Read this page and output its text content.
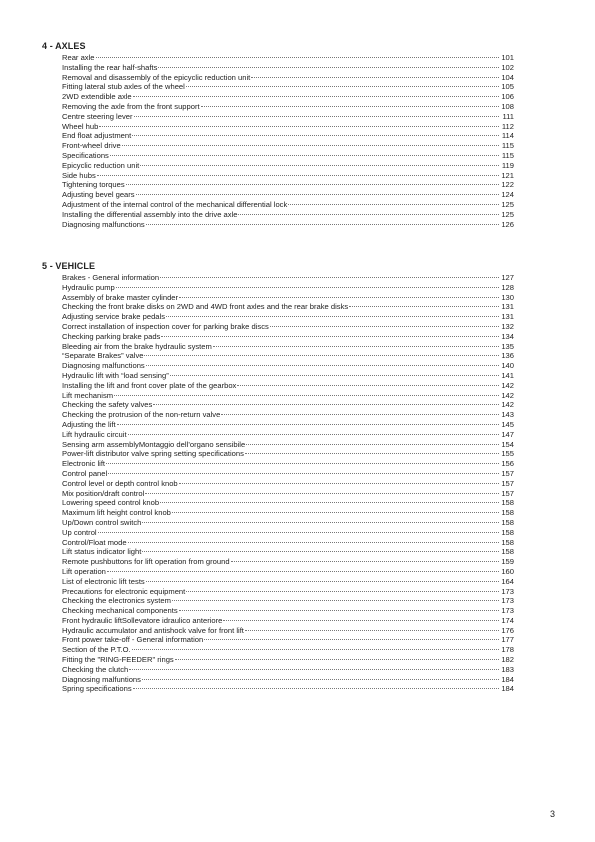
4 - AXLES
Rear axle	101
Installing the rear half-shafts	102
Removal and disassembly of the epicyclic reduction unit	104
Fitting lateral stub axles of the wheel	105
2WD extendible axle	106
Removing the axle from the front support	108
Centre steering lever	111
Wheel hub	112
End float adjustment	114
Front-wheel drive	115
Specifications	115
Epicyclic reduction unit	119
Side hubs	121
Tightening torques	122
Adjusting bevel gears	124
Adjustment of the internal control of the mechanical differential lock	125
Installing the differential assembly into the drive axle	125
Diagnosing malfunctions	126
5 - VEHICLE
Brakes - General information	127
Hydraulic pump	128
Assembly of brake master cylinder	130
Checking the front brake disks on 2WD and 4WD front axles and the rear brake disks	131
Adjusting service brake pedals	131
Correct installation of inspection cover for parking brake discs	132
Checking parking brake pads	134
Bleeding air from the brake hydraulic system	135
“Separate Brakes” valve	136
Diagnosing malfunctions	140
Hydraulic lift with “load sensing”	141
Installing the lift and front cover plate of the gearbox	142
Lift mechanism	142
Checking the safety valves	142
Checking the protrusion of the non-return valve	143
Adjusting the lift	145
Lift hydraulic circuit	147
Sensing arm assemblyMontaggio dell’organo sensibile	154
Power-lift distributor valve spring setting specifications	155
Electronic lift	156
Control panel	157
Control level or depth control knob	157
Mix position/draft control	157
Lowering speed control knob	158
Maximum lift height control knob	158
Up/Down control switch	158
Up control	158
Control/Float mode	158
Lift status indicator light	158
Remote pushbuttons for lift operation from ground	159
Lift operation	160
List of electronic lift tests	164
Precautions for electronic equipment	173
Checking the electronics system	173
Checking mechanical components	173
Front hydraulic liftSollevatore idraulico anteriore	174
Hydraulic accumulator and antishock valve for front lift	176
Front power take-off - General information	177
Section of the P.T.O.	178
Fitting the "RING-FEEDER" rings	182
Checking the clutch	183
Diagnosing malfuntions	184
Spring specifications	184
3
